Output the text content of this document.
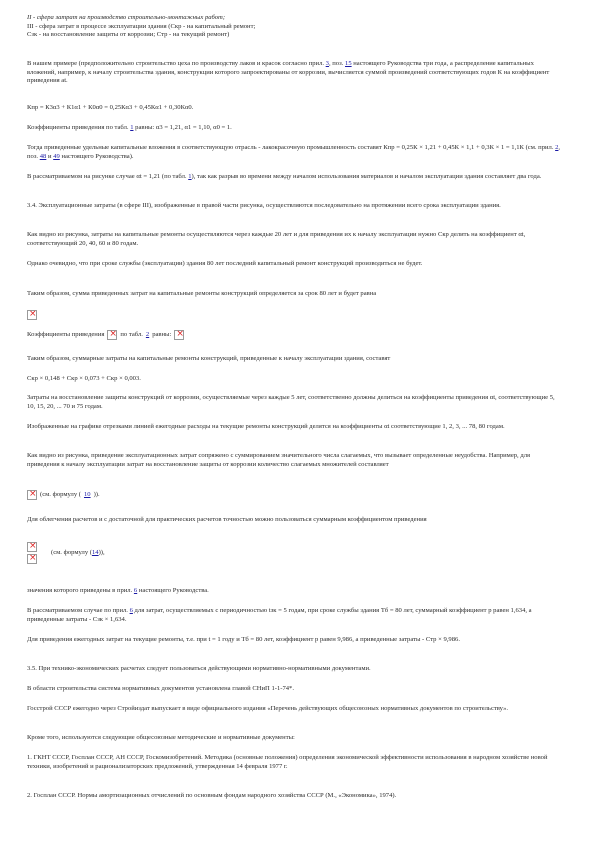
II - сфера затрат на производство строительно-монтажных работ;

III - сфера затрат в процессе эксплуатации здания (Скр - на капитальный ремонт;

Сзк - на восстановление защиты от коррозии; Стр - на текущий ремонт)

В нашем примере (предположительно строительство цеха по производству лаков и красок согласно прил. 3, поз. 15 настоящего Руководства три года, а распределение капитальных вложений, например, к началу строительства здания, конструкции которого запроектированы от коррозии, вычисляется суммой произведений соответствующих годов К на коэффициент приведения аt.
Кпр = К3α3 + К1α1 + К0α0 = 0,25Кα3 + 0,45Кα1 + 0,30Кα0.
Коэффициенты приведения по табл. 1 равны: α3 = 1,21, α1 = 1,10, α0 = 1.
Тогда приведенные удельные капитальные вложения в соответствующую отрасль - лакокрасочную промышленность составят Кпр = 0,25К × 1,21 + 0,45К × 1,1 + 0,3К × 1 = 1,1К (см. прил. 2, поз. 48 и 49 настоящего Руководства).
В рассматриваемом на рисунке случае αt = 1,21 (по табл. 1), так как разрыв во времени между началом использования материалов и началом эксплуатации здания составляет два года.
3.4. Эксплуатационные затраты (в сфере III), изображенные в правой части рисунка, осуществляются последовательно на протяжении всего срока эксплуатации здания.
Как видно из рисунка, затраты на капитальные ремонты осуществляются через каждые 20 лет и для приведения их к началу эксплуатации нужно Скр делить на коэффициент αt, соответствующий 20, 40, 60 и 80 годам.
Однако очевидно, что при сроке службы (эксплуатации) здания 80 лет последний капитальный ремонт конструкций производиться не будет.
Таким образом, сумма приведенных затрат на капитальные ремонты конструкций определяется за срок 80 лет и будет равна
×
Коэффициенты приведения
× по табл. 2 равны:
×
Таким образом, суммарные затраты на капитальные ремонты конструкций, приведенные к началу эксплуатации здания, составят
Скр × 0,148 + Скр × 0,073 + Скр × 0,003.
Затраты на восстановление защиты конструкций от коррозии, осуществляемые через каждые 5 лет, соответственно должны делиться на коэффициенты приведения αt, соответствующие 5, 10, 15, 20, ... 70 и 75 годам.
Изображенные на графике отрезками линией ежегодные расходы на текущие ремонты конструкций делятся на коэффициенты αt соответствующие 1, 2, 3, ... 78, 80 годам.
Как видно из рисунка, приведение эксплуатационных затрат сопряжено с суммированием значительного числа слагаемых, что вызывает определенные неудобства. Например, для приведения к началу эксплуатации затрат на восстановление защиты от коррозии количество слагаемых множителей составляет
×
(см. формулу ( 10 )).
Для облегчения расчетов и с достаточной для практических расчетов точностью можно пользоваться суммарным коэффициентом приведения
×
×
(см. формулу (14)),
значения которого приведены в прил. 6 настоящего Руководства.
В рассматриваемом случае по прил. 6 для затрат, осуществляемых с периодичностью tзк = 5 годам, при сроке службы здания Тб = 80 лет, суммарный коэффициент р равен 1,634, а приведенные затраты - Сзк × 1,634.
Для приведения ежегодных затрат на текущие ремонты, т.е. при t = 1 году и Тб = 80 лет, коэффициент р равен 9,986, а приведенные затраты - Стр × 9,986.
3.5. При технико-экономических расчетах следует пользоваться действующими нормативно-нормативными документами.
В области строительства система нормативных документов установлена главой СНиП 1-1-74*.
Госстрой СССР ежегодно через Стройиздат выпускает в виде официального издания «Перечень действующих общесоюзных нормативных документов по строительству».
Кроме того, используются следующие общесоюзные методические и нормативные документы:
1. ГКНТ СССР, Госплан СССР, АН СССР, Госкомизобретений. Методика (основные положения) определения экономической эффективности использования в народном хозяйстве новой техники, изобретений и рационализаторских предложений, утвержденная 14 февраля 1977 г.
2. Госплан СССР. Нормы амортизационных отчислений по основным фондам народного хозяйства СССР (М., «Экономика», 1974).
